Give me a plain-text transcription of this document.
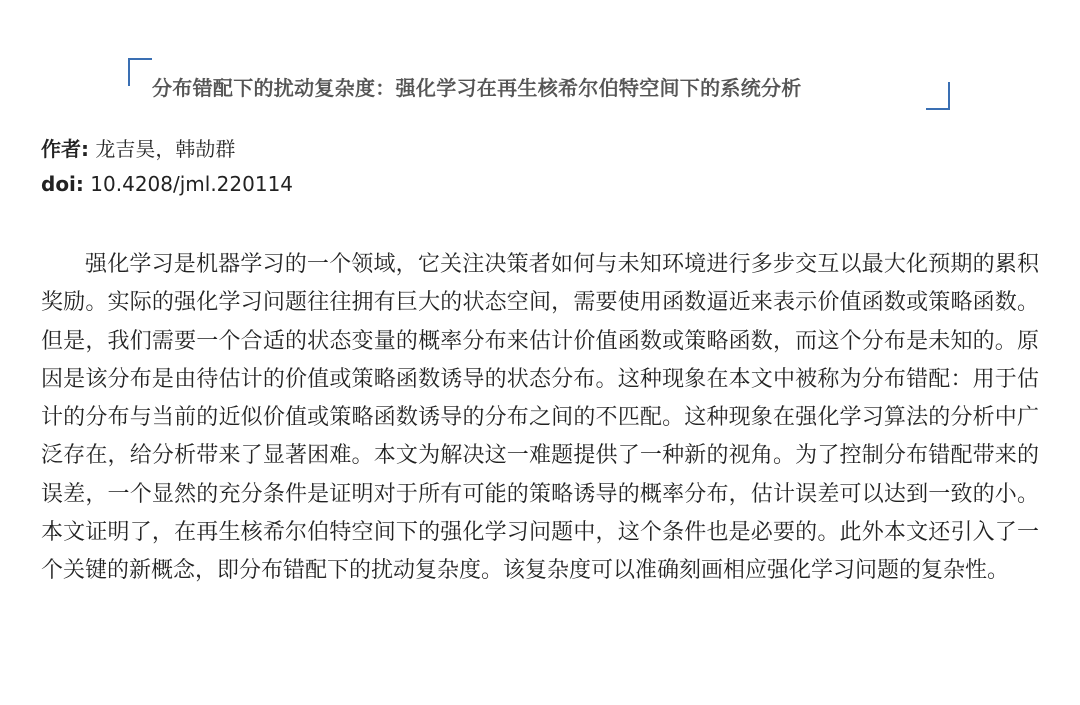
分布错配下的扰动复杂度：强化学习在再生核希尔伯特空间下的系统分析
作者: 龙吉昊，韩劼群
doi: 10.4208/jml.220114

强化学习是机器学习的一个领域，它关注决策者如何与未知环境进行多步交互以最大化预期的累积奖励。实际的强化学习问题往往拥有巨大的状态空间，需要使用函数逼近来表示价值函数或策略函数。但是，我们需要一个合适的状态变量的概率分布来估计价值函数或策略函数，而这个分布是未知的。原因是该分布是由待估计的价值或策略函数诱导的状态分布。这种现象在本文中被称为分布错配：用于估计的分布与当前的近似价值或策略函数诱导的分布之间的不匹配。这种现象在强化学习算法的分析中广泛存在，给分析带来了显著困难。本文为解决这一难题提供了一种新的视角。为了控制分布错配带来的误差，一个显然的充分条件是证明对于所有可能的策略诱导的概率分布，估计误差可以达到一致的小。本文证明了，在再生核希尔伯特空间下的强化学习问题中，这个条件也是必要的。此外本文还引入了一个关键的新概念，即分布错配下的扰动复杂度。该复杂度可以准确刻画相应强化学习问题的复杂性。
